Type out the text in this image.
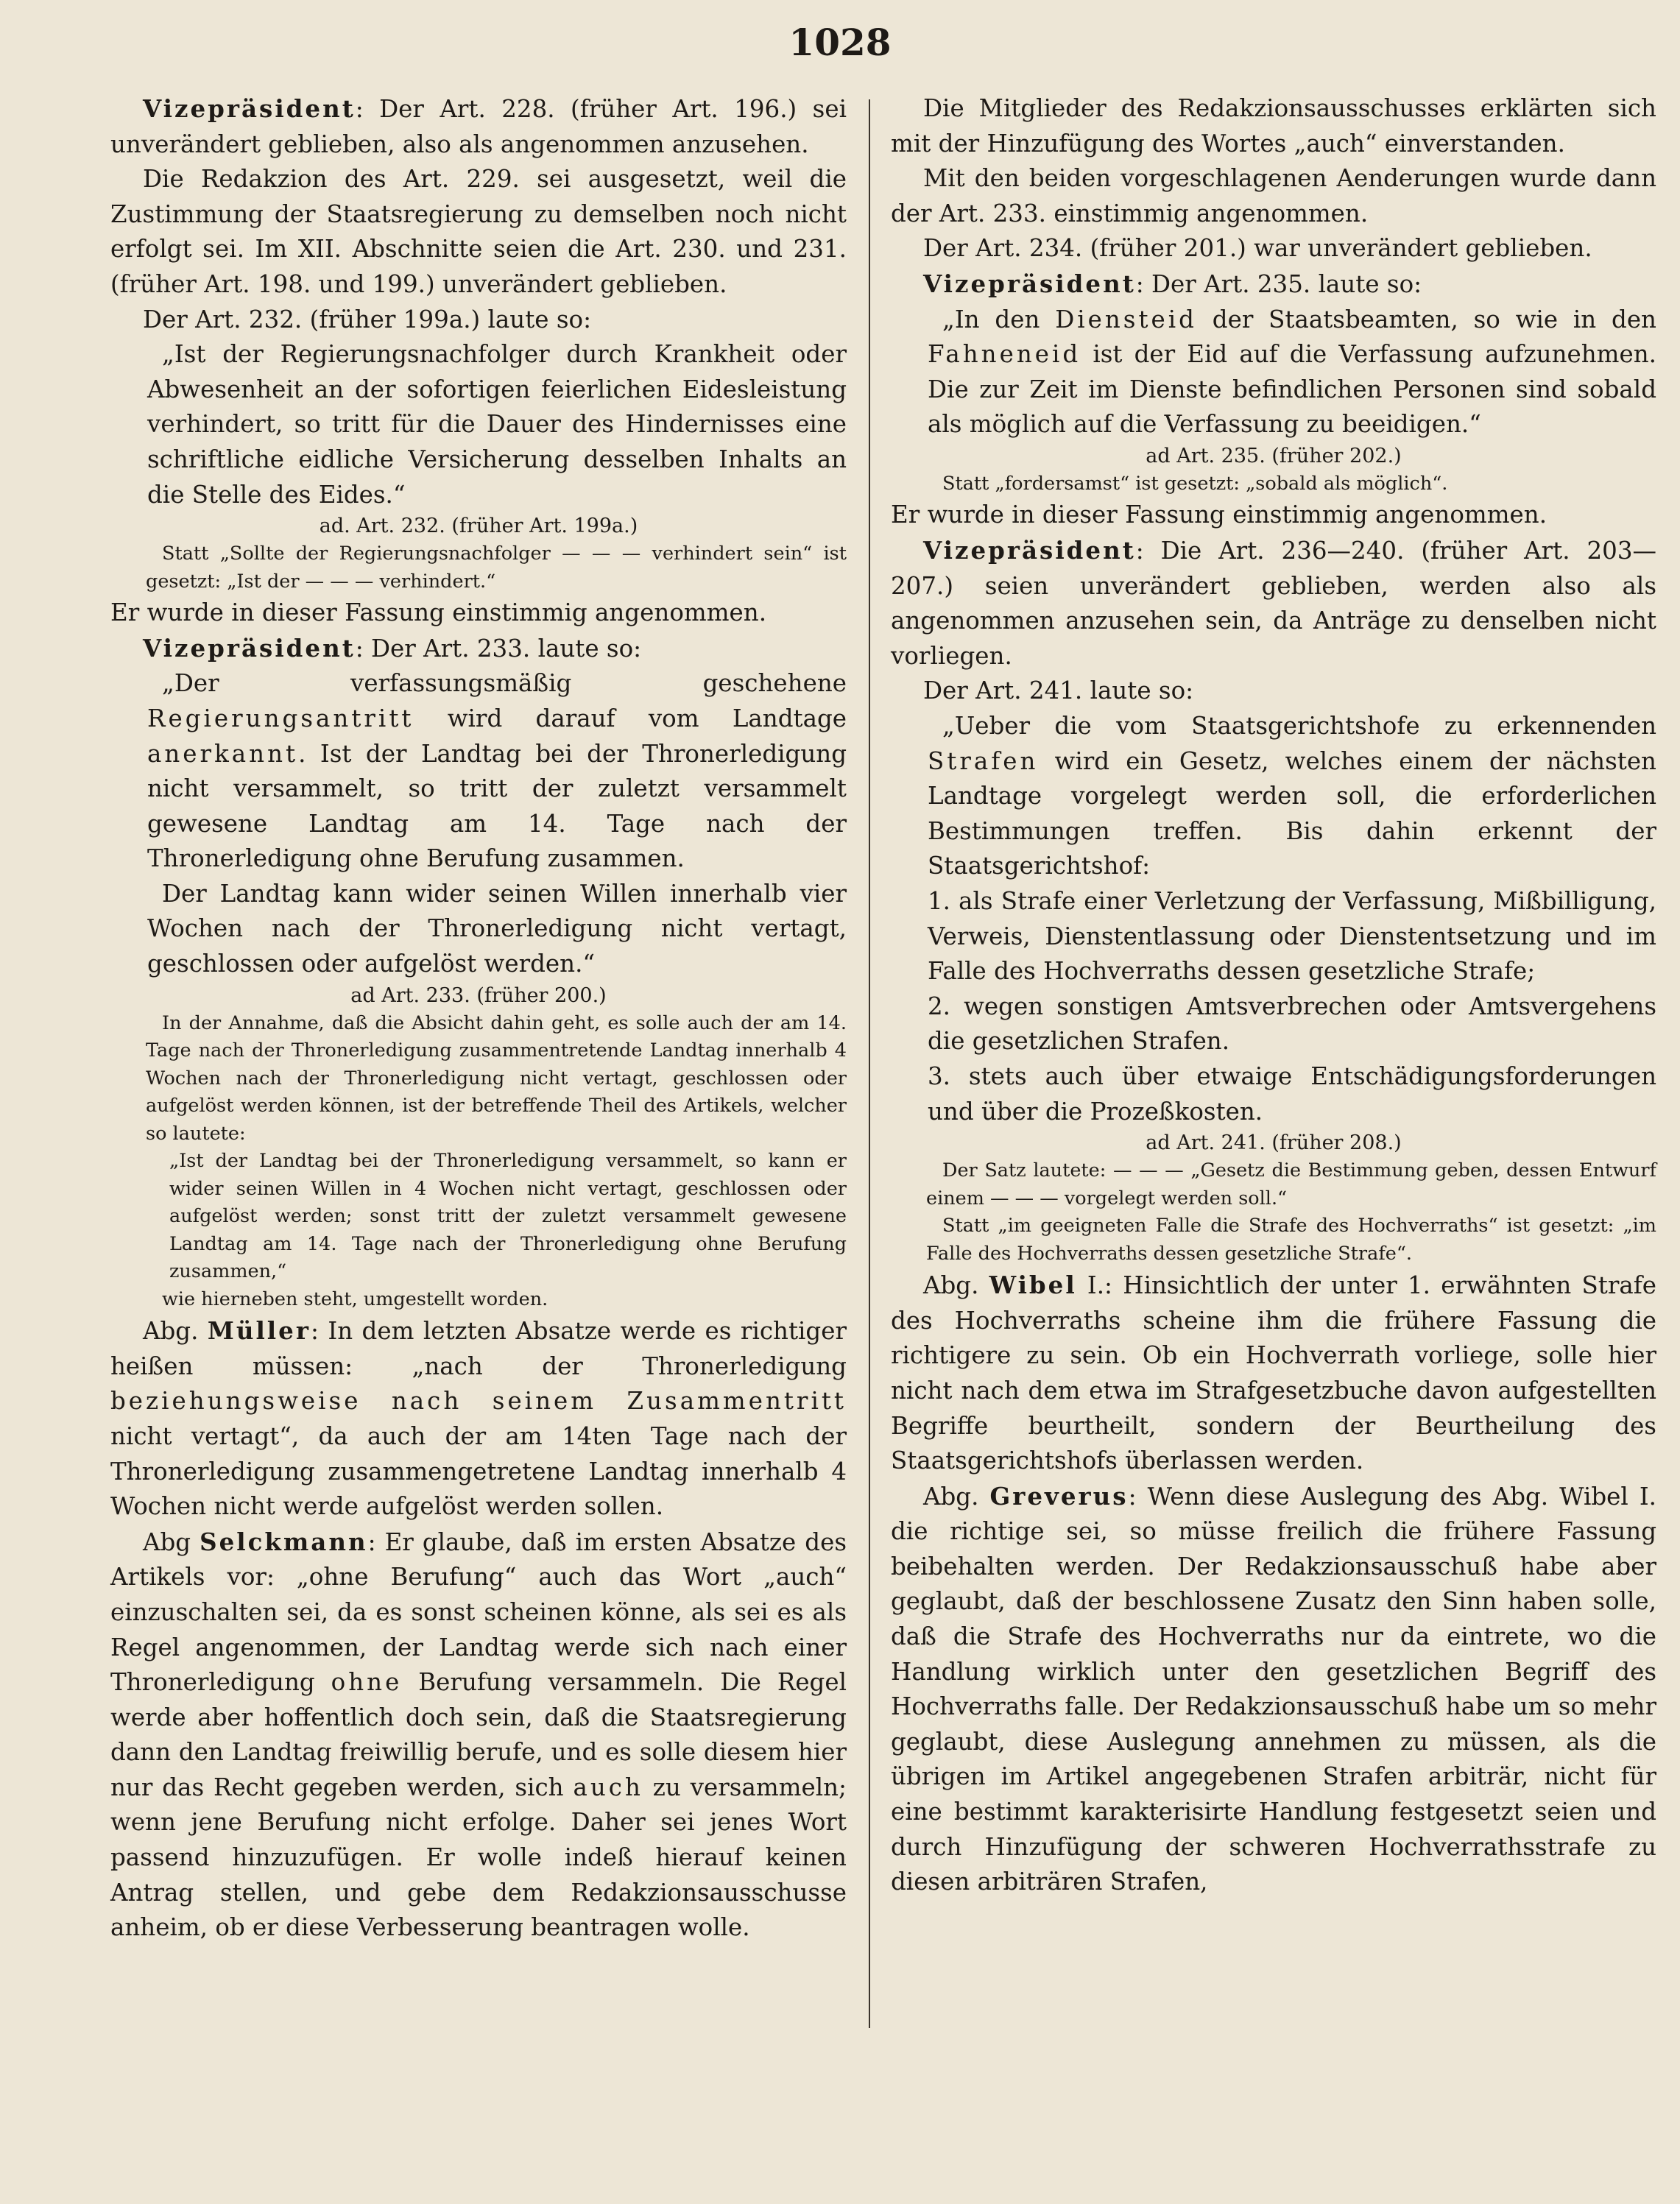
1028

Vizepräsident: Der Art. 228. (früher Art. 196.) sei unverändert geblieben, also als angenommen anzusehen.

Die Redakzion des Art. 229. sei ausgesetzt, weil die Zustimmung der Staatsregierung zu demselben noch nicht erfolgt sei. Im XII. Abschnitte seien die Art. 230. und 231. (früher Art. 198. und 199.) unverändert geblieben.

Der Art. 232. (früher 199a.) laute so:

„Ist der Regierungsnachfolger durch Krankheit oder Abwesenheit an der sofortigen feierlichen Eidesleistung verhindert, so tritt für die Dauer des Hindernisses eine schriftliche eidliche Versicherung desselben Inhalts an die Stelle des Eides.“

ad. Art. 232. (früher Art. 199a.)

Statt „Sollte der Regierungsnachfolger — — — verhindert sein“ ist gesetzt: „Ist der — — — verhindert.“

Er wurde in dieser Fassung einstimmig angenommen.

Vizepräsident: Der Art. 233. laute so:

„Der verfassungsmäßig geschehene Regierungsantritt wird darauf vom Landtage anerkannt. Ist der Landtag bei der Thronerledigung nicht versammelt, so tritt der zuletzt versammelt gewesene Landtag am 14. Tage nach der Thronerledigung ohne Berufung zusammen.

Der Landtag kann wider seinen Willen innerhalb vier Wochen nach der Thronerledigung nicht vertagt, geschlossen oder aufgelöst werden.“

ad Art. 233. (früher 200.)

In der Annahme, daß die Absicht dahin geht, es solle auch der am 14. Tage nach der Thronerledigung zusammentretende Landtag innerhalb 4 Wochen nach der Thronerledigung nicht vertagt, geschlossen oder aufgelöst werden können, ist der betreffende Theil des Artikels, welcher so lautete:

„Ist der Landtag bei der Thronerledigung versammelt, so kann er wider seinen Willen in 4 Wochen nicht vertagt, geschlossen oder aufgelöst werden; sonst tritt der zuletzt versammelt gewesene Landtag am 14. Tage nach der Thronerledigung ohne Berufung zusammen,“

wie hierneben steht, umgestellt worden.

Abg. Müller: In dem letzten Absatze werde es richtiger heißen müssen: „nach der Thronerledigung beziehungsweise nach seinem Zusammentritt nicht vertagt“, da auch der am 14ten Tage nach der Thronerledigung zusammengetretene Landtag innerhalb 4 Wochen nicht werde aufgelöst werden sollen.

Abg Selckmann: Er glaube, daß im ersten Absatze des Artikels vor: „ohne Berufung“ auch das Wort „auch“ einzuschalten sei, da es sonst scheinen könne, als sei es als Regel angenommen, der Landtag werde sich nach einer Thronerledigung ohne Berufung versammeln. Die Regel werde aber hoffentlich doch sein, daß die Staatsregierung dann den Landtag freiwillig berufe, und es solle diesem hier nur das Recht gegeben werden, sich auch zu versammeln; wenn jene Berufung nicht erfolge. Daher sei jenes Wort passend hinzuzufügen. Er wolle indeß hierauf keinen Antrag stellen, und gebe dem Redakzionsausschusse anheim, ob er diese Verbesserung beantragen wolle.

Die Mitglieder des Redakzionsausschusses erklärten sich mit der Hinzufügung des Wortes „auch“ einverstanden.

Mit den beiden vorgeschlagenen Aenderungen wurde dann der Art. 233. einstimmig angenommen.

Der Art. 234. (früher 201.) war unverändert geblieben.

Vizepräsident: Der Art. 235. laute so:

„In den Diensteid der Staatsbeamten, so wie in den Fahneneid ist der Eid auf die Verfassung aufzunehmen. Die zur Zeit im Dienste befindlichen Personen sind sobald als möglich auf die Verfassung zu beeidigen.“

ad Art. 235. (früher 202.)

Statt „fordersamst“ ist gesetzt: „sobald als möglich“.

Er wurde in dieser Fassung einstimmig angenommen.

Vizepräsident: Die Art. 236—240. (früher Art. 203—207.) seien unverändert geblieben, werden also als angenommen anzusehen sein, da Anträge zu denselben nicht vorliegen.

Der Art. 241. laute so:

„Ueber die vom Staatsgerichtshofe zu erkennenden Strafen wird ein Gesetz, welches einem der nächsten Landtage vorgelegt werden soll, die erforderlichen Bestimmungen treffen. Bis dahin erkennt der Staatsgerichtshof:

1. als Strafe einer Verletzung der Verfassung, Mißbilligung, Verweis, Dienstentlassung oder Dienstentsetzung und im Falle des Hochverraths dessen gesetzliche Strafe;

2. wegen sonstigen Amtsverbrechen oder Amtsvergehens die gesetzlichen Strafen.

3. stets auch über etwaige Entschädigungsforderungen und über die Prozeßkosten.

ad Art. 241. (früher 208.)

Der Satz lautete: — — — „Gesetz die Bestimmung geben, dessen Entwurf einem — — — vorgelegt werden soll.“

Statt „im geeigneten Falle die Strafe des Hochverraths“ ist gesetzt: „im Falle des Hochverraths dessen gesetzliche Strafe“.

Abg. Wibel I.: Hinsichtlich der unter 1. erwähnten Strafe des Hochverraths scheine ihm die frühere Fassung die richtigere zu sein. Ob ein Hochverrath vorliege, solle hier nicht nach dem etwa im Strafgesetzbuche davon aufgestellten Begriffe beurtheilt, sondern der Beurtheilung des Staatsgerichtshofs überlassen werden.

Abg. Greverus: Wenn diese Auslegung des Abg. Wibel I. die richtige sei, so müsse freilich die frühere Fassung beibehalten werden. Der Redakzionsausschuß habe aber geglaubt, daß der beschlossene Zusatz den Sinn haben solle, daß die Strafe des Hochverraths nur da eintrete, wo die Handlung wirklich unter den gesetzlichen Begriff des Hochverraths falle. Der Redakzionsausschuß habe um so mehr geglaubt, diese Auslegung annehmen zu müssen, als die übrigen im Artikel angegebenen Strafen arbiträr, nicht für eine bestimmt karakterisirte Handlung festgesetzt seien und durch Hinzufügung der schweren Hochverrathsstrafe zu diesen arbiträren Strafen,
